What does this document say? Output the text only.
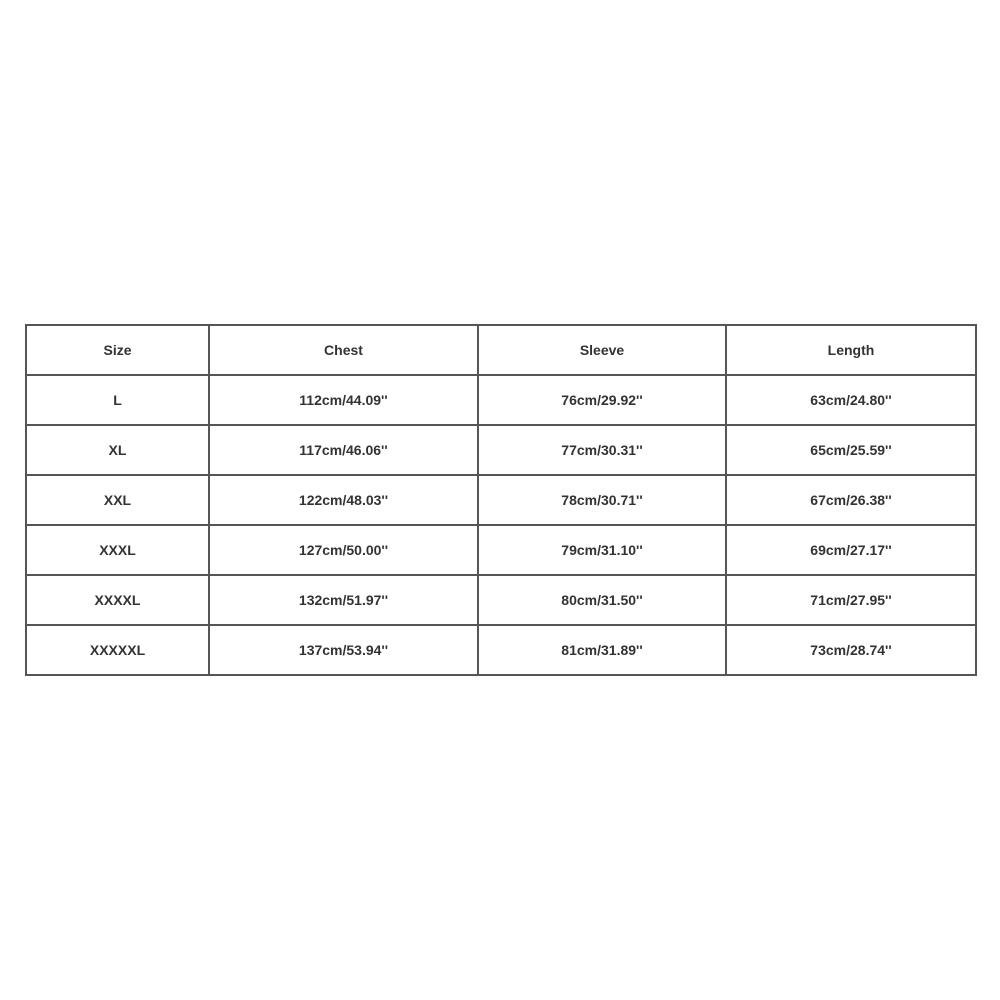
Size	Chest	Sleeve	Length
L	112cm/44.09''	76cm/29.92''	63cm/24.80''
XL	117cm/46.06''	77cm/30.31''	65cm/25.59''
XXL	122cm/48.03''	78cm/30.71''	67cm/26.38''
XXXL	127cm/50.00''	79cm/31.10''	69cm/27.17''
XXXXL	132cm/51.97''	80cm/31.50''	71cm/27.95''
XXXXXL	137cm/53.94''	81cm/31.89''	73cm/28.74''
